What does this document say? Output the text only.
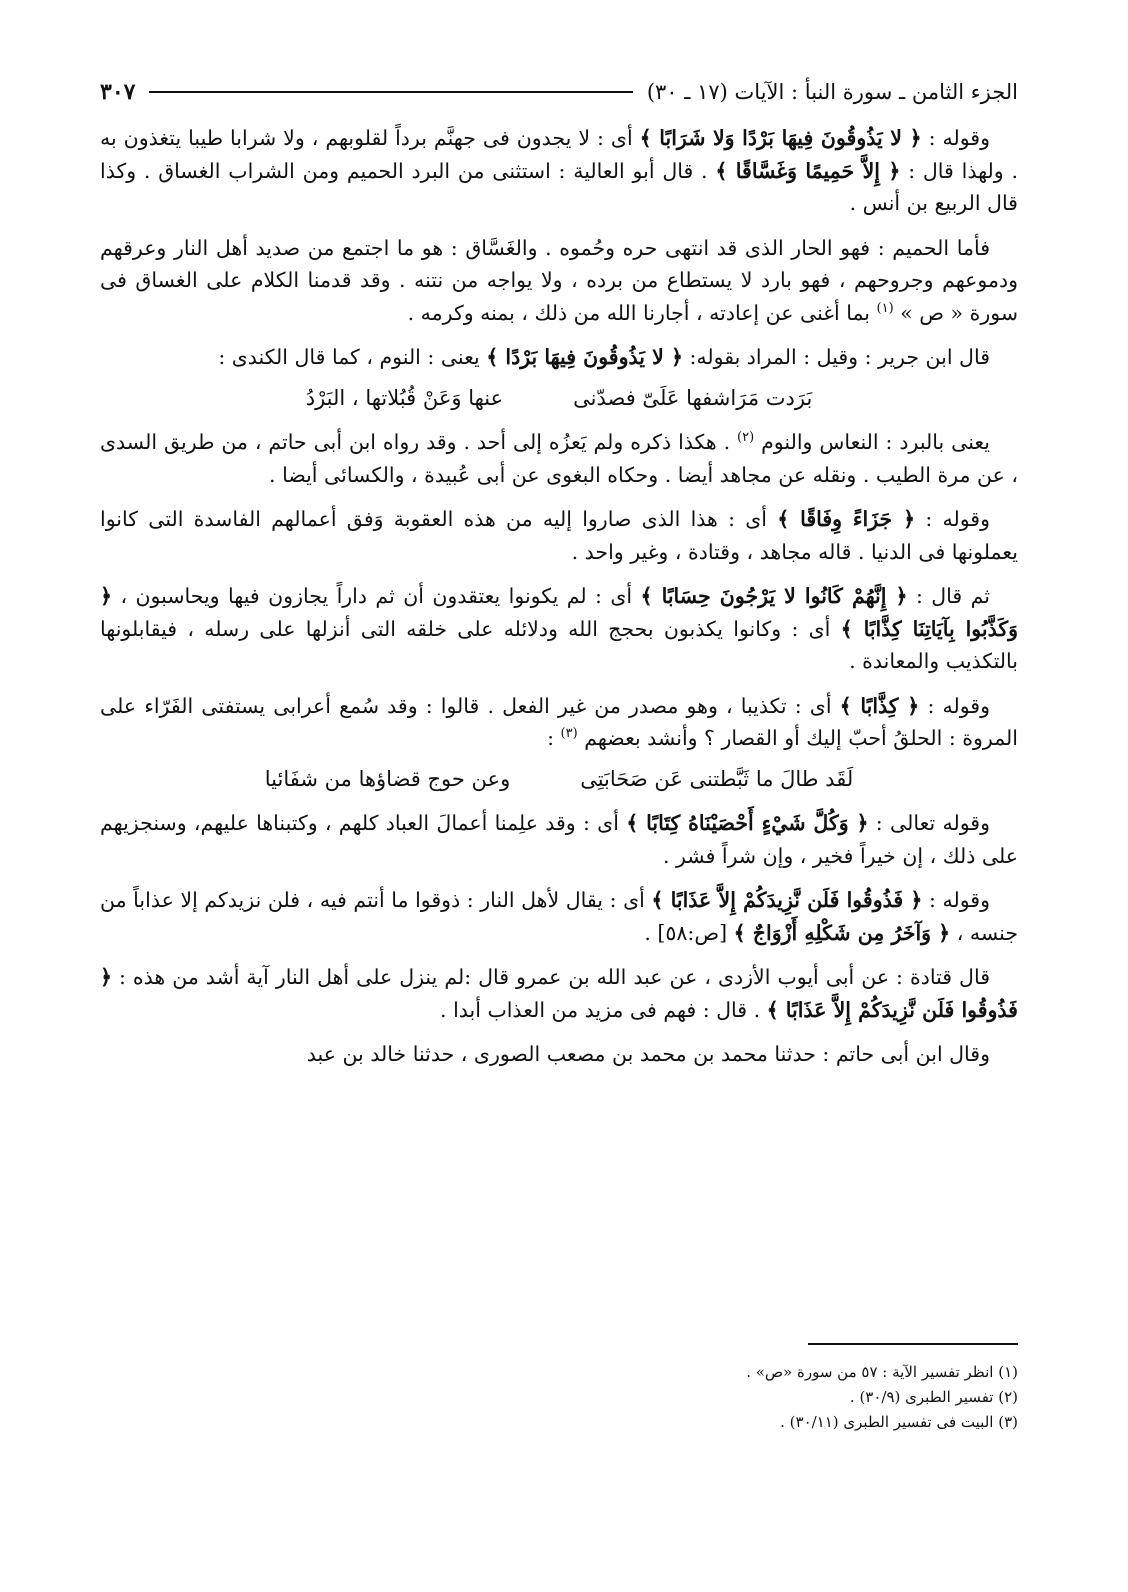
الجزء الثامن ـ سورة النبأ : الآيات (١٧ ـ ٣٠)
٣٠٧

وقوله : ﴿ لا يَذُوقُونَ فِيهَا بَرْدًا وَلا شَرَابًا ﴾ أى : لا يجدون فى جهنَّم برداً لقلوبهم ، ولا شرابا طيبا يتغذون به . ولهذا قال : ﴿ إِلاَّ حَمِيمًا وَغَسَّاقًا ﴾ . قال أبو العالية : استثنى من البرد الحميم ومن الشراب الغساق . وكذا قال الربيع بن أنس .

فأما الحميم : فهو الحار الذى قد انتهى حره وحُموه . والغَسَّاق : هو ما اجتمع من صديد أهل النار وعرقهم ودموعهم وجروحهم ، فهو بارد لا يستطاع من برده ، ولا يواجه من نتنه . وقد قدمنا الكلام على الغساق فى سورة « ص » $^{(١)}$ بما أغنى عن إعادته ، أجارنا الله من ذلك ، بمنه وكرمه .

قال ابن جرير : وقيل : المراد بقوله: ﴿ لا يَذُوقُونَ فِيهَا بَرْدًا ﴾ يعنى : النوم ، كما قال الكندى :

بَرَدت مَرَاشفها عَلَىّ فصدّنى
عنها وَعَنْ قُبُلاتها ، البَرْدُ

يعنى بالبرد : النعاس والنوم $^{(٢)}$ . هكذا ذكره ولم يَعزُه إلى أحد . وقد رواه ابن أبى حاتم ، من طريق السدى ، عن مرة الطيب . ونقله عن مجاهد أيضا . وحكاه البغوى عن أبى عُبيدة ، والكسائى أيضا .

وقوله : ﴿ جَزَاءً وِفَاقًا ﴾ أى : هذا الذى صاروا إليه من هذه العقوبة وَفق أعمالهم الفاسدة التى كانوا يعملونها فى الدنيا . قاله مجاهد ، وقتادة ، وغير واحد .

ثم قال : ﴿ إِنَّهُمْ كَانُوا لا يَرْجُونَ حِسَابًا ﴾ أى : لم يكونوا يعتقدون أن ثم داراً يجازون فيها ويحاسبون ، ﴿ وَكَذَّبُوا بِآيَاتِنَا كِذَّابًا ﴾ أى : وكانوا يكذبون بحجج الله ودلائله على خلقه التى أنزلها على رسله ، فيقابلونها بالتكذيب والمعاندة .

وقوله : ﴿ كِذَّابًا ﴾ أى : تكذيبا ، وهو مصدر من غير الفعل . قالوا : وقد سُمع أعرابى يستفتى الفَرّاء على المروة : الحلقُ أحبّ إليك أو القصار ؟ وأنشد بعضهم $^{(٣)}$ :

لَقَد طالَ ما ثَبَّطتنى عَن صَحَابَتِى
وعن حوج قضاؤها من شفَائيا

وقوله تعالى : ﴿ وَكُلَّ شَيْءٍ أَحْصَيْنَاهُ كِتَابًا ﴾ أى : وقد علِمنا أعمالَ العباد كلهم ، وكتبناها عليهم، وسنجزيهم على ذلك ، إن خيراً فخير ، وإن شراً فشر .

وقوله : ﴿ فَذُوقُوا فَلَن نَّزِيدَكُمْ إِلاَّ عَذَابًا ﴾ أى : يقال لأهل النار : ذوقوا ما أنتم فيه ، فلن نزيدكم إلا عذاباً من جنسه ، ﴿ وَآخَرُ مِن شَكْلِهِ أَزْوَاجٌ ﴾ [ص:٥٨] .

قال قتادة : عن أبى أيوب الأزدى ، عن عبد الله بن عمرو قال :لم ينزل على أهل النار آية أشد من هذه : ﴿ فَذُوقُوا فَلَن نَّزِيدَكُمْ إِلاَّ عَذَابًا ﴾ . قال : فهم فى مزيد من العذاب أبدا .

وقال ابن أبى حاتم : حدثنا محمد بن محمد بن مصعب الصورى ، حدثنا خالد بن عبد

(١) انظر تفسير الآية : ٥٧ من سورة «ص» .

(٢) تفسير الطبرى (٣٠/٩) .

(٣) البيت فى تفسير الطبرى (٣٠/١١) .
